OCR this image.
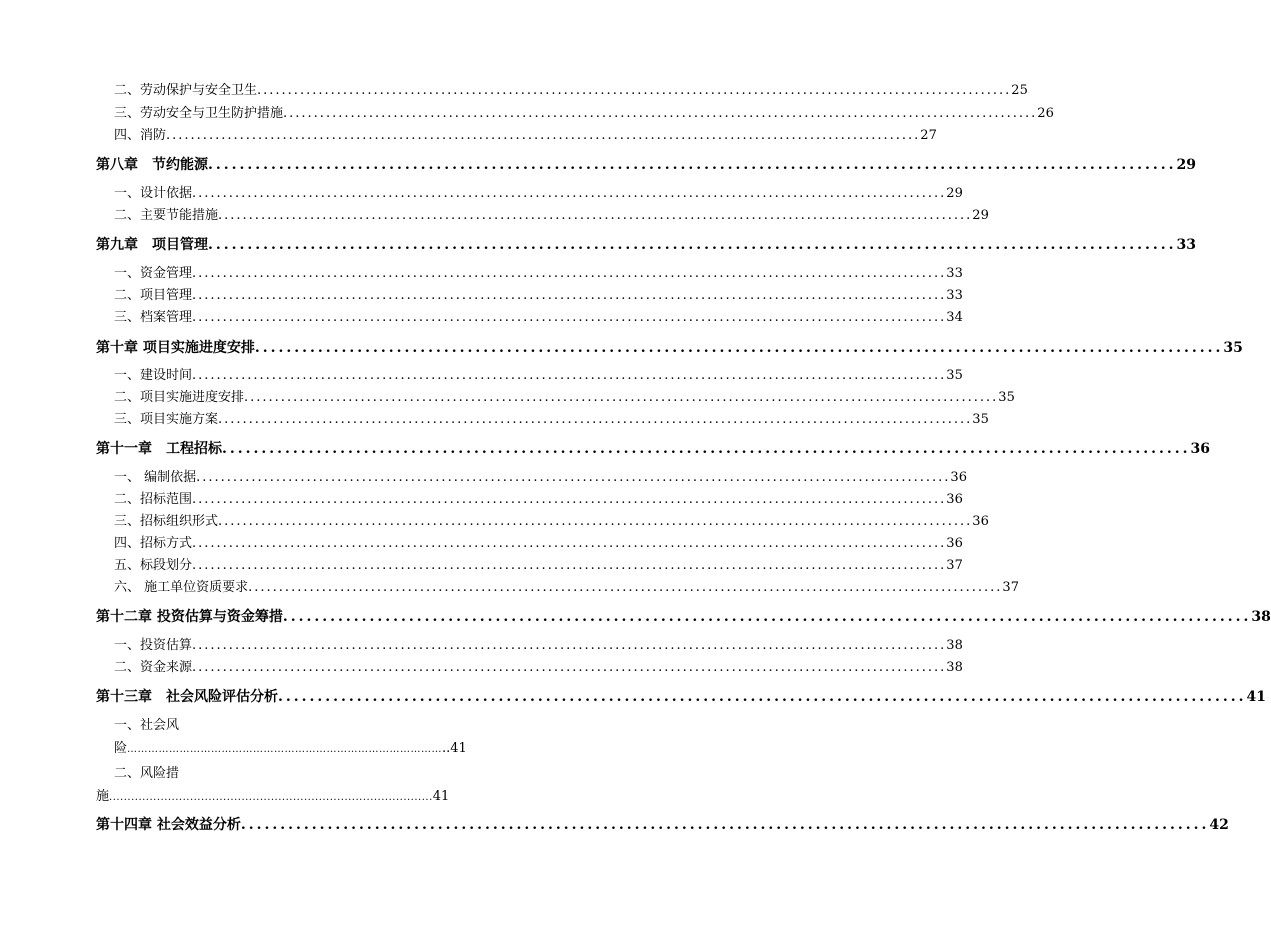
二、劳动保护与安全卫生 ........................................................................................................................... 25
三、劳动安全与卫生防护措施 ........................................................................................................................... 26
四、消防 ........................................................................................................................... 27
第八章　节约能源 ........................................................................................................................... 29
一、设计依据 ........................................................................................................................... 29
二、主要节能措施 ........................................................................................................................... 29
第九章　项目管理 ........................................................................................................................... 33
一、资金管理 ........................................................................................................................... 33
二、项目管理 ........................................................................................................................... 33
三、档案管理 ........................................................................................................................... 34
第十章 项目实施进度安排 ........................................................................................................................... 35
一、建设时间 ........................................................................................................................... 35
二、项目实施进度安排 ........................................................................................................................... 35
三、项目实施方案 ........................................................................................................................... 35
第十一章　工程招标 ........................................................................................................................... 36
一、 编制依据 ........................................................................................................................... 36
二、招标范围 ........................................................................................................................... 36
三、招标组织形式 ........................................................................................................................... 36
四、招标方式 ........................................................................................................................... 36
五、标段划分 ........................................................................................................................... 37
六、 施工单位资质要求 ........................................................................................................................... 37
第十二章 投资估算与资金筹措 ........................................................................................................................... 38
一、投资估算 ........................................................................................................................... 38
二、资金来源 ........................................................................................................................... 38
第十三章　社会风险评估分析 ........................................................................................................................... 41
一、社会风
险………………………………………………………………………………..41
二、风险措
施........................................................................................41
第十四章 社会效益分析 ........................................................................................................................... 42
